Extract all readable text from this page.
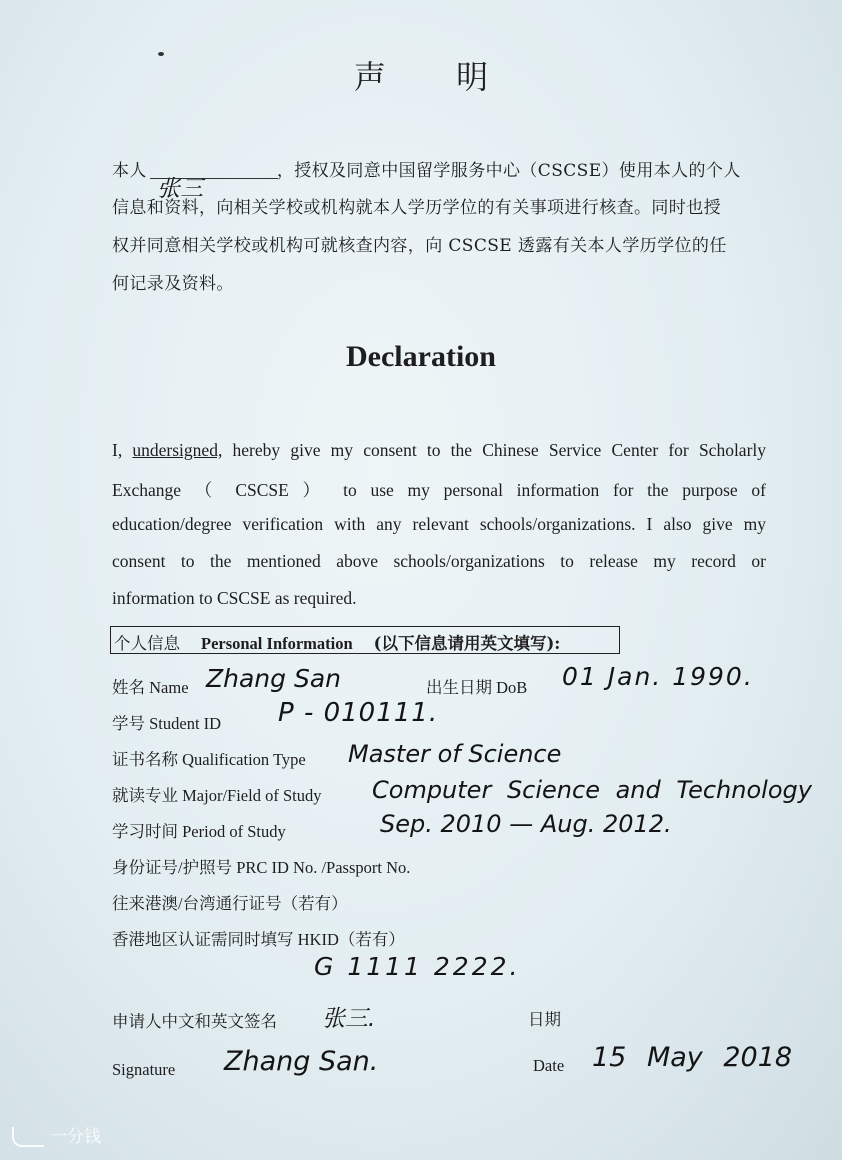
声 明
本人
张三
，授权及同意中国留学服务中心（CSCSE）使用本人的个人
信息和资料，向相关学校或机构就本人学历学位的有关事项进行核查。同时也授
权并同意相关学校或机构可就核查内容，向 CSCSE 透露有关本人学历学位的任
何记录及资料。
Declaration
I, undersigned, hereby give my consent to the Chinese Service Center for Scholarly
Exchange （ CSCSE ） to use my personal information for the purpose of
education/degree verification with any relevant schools/organizations. I also give my
consent to the mentioned above schools/organizations to release my record or
information to CSCSE as required.
个人信息 Personal Information (以下信息请用英文填写):
姓名 Name Zhang San	出生日期 DoB 01 Jan. 1990.
学号 Student ID P - 010111.
证书名称 Qualification Type Master of Science
就读专业 Major/Field of Study Computer Science and Technology
学习时间 Period of Study	Sep. 2010 — Aug. 2012.
身份证号/护照号 PRC ID No. /Passport No.
往来港澳/台湾通行证号（若有）
香港地区认证需同时填写 HKID（若有）
G 1111 2222.
申请人中文和英文签名 张三.	日期
Signature Zhang San.	Date 15 May 2018
一分钱
